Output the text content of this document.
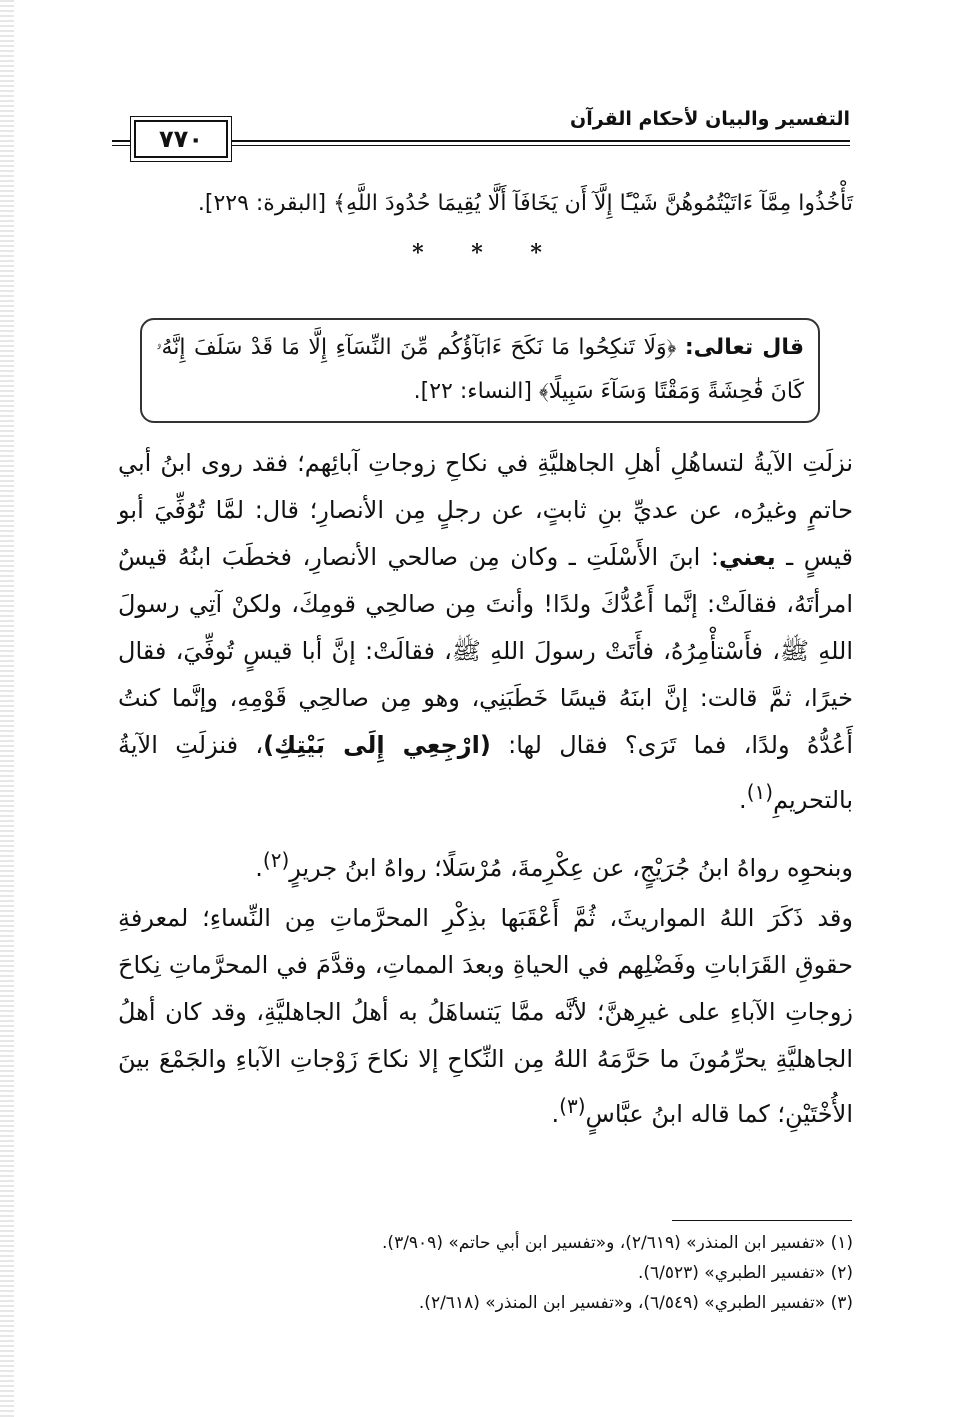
التفسير والبيان لأحكام القرآن
٧٧٠
تَأْخُذُوا مِمَّآ ءَاتَيْتُمُوهُنَّ شَيْـًٔا إِلَّآ أَن يَخَافَآ أَلَّا يُقِيمَا حُدُودَ اللَّهِ﴾ [البقرة: ٢٢٩].
* * *
قال تعالى: ﴿وَلَا تَنكِحُوا مَا نَكَحَ ءَابَآؤُكُم مِّنَ النِّسَآءِ إِلَّا مَا قَدْ سَلَفَ إِنَّهُۥ كَانَ فَٰحِشَةً وَمَقْتًا وَسَآءَ سَبِيلًا﴾ [النساء: ٢٢].
نزلَتِ الآيةُ لتساهُلِ أهلِ الجاهليَّةِ في نكاحِ زوجاتِ آبائِهم؛ فقد روى ابنُ أبي حاتمٍ وغيرُه، عن عديِّ بنِ ثابتٍ، عن رجلٍ مِن الأنصارِ؛ قال: لمَّا تُوُفِّيَ أبو قيسٍ ـ يعني: ابنَ الأَسْلَتِ ـ وكان مِن صالحي الأنصارِ، فخطَبَ ابنُهُ قيسٌ امرأتَهُ، فقالَتْ: إنَّما أَعُدُّكَ ولدًا! وأنتَ مِن صالحِي قومِكَ، ولكنْ آتِي رسولَ اللهِ ﷺ، فأَسْتأْمِرُهُ، فأَتَتْ رسولَ اللهِ ﷺ، فقالَتْ: إنَّ أبا قيسٍ تُوفِّيَ، فقال خيرًا، ثمَّ قالت: إنَّ ابنَهُ قيسًا خَطَبَنِي، وهو مِن صالحِي قَوْمِهِ، وإنَّما كنتُ أَعُدُّهُ ولدًا، فما تَرَى؟ فقال لها: (ارْجِعِي إِلَى بَيْتِكِ)، فنزلَتِ الآيةُ بالتحريمِ$^{(١)}$.
وبنحوِه رواهُ ابنُ جُرَيْجٍ، عن عِكْرِمةَ، مُرْسَلًا؛ رواهُ ابنُ جريرٍ$^{(٢)}$.
وقد ذَكَرَ اللهُ المواريثَ، ثُمَّ أَعْقَبَها بذِكْرِ المحرَّماتِ مِن النِّساءِ؛ لمعرفةِ حقوقِ القَرَاباتِ وفَضْلِهم في الحياةِ وبعدَ المماتِ، وقدَّمَ في المحرَّماتِ نِكاحَ زوجاتِ الآباءِ على غيرِهنَّ؛ لأنَّه ممَّا يَتساهَلُ به أهلُ الجاهليَّةِ، وقد كان أهلُ الجاهليَّةِ يحرِّمُونَ ما حَرَّمَهُ اللهُ مِن النِّكاحِ إلا نكاحَ زَوْجاتِ الآباءِ والجَمْعَ بينَ الأُخْتَيْنِ؛ كما قاله ابنُ عبَّاسٍ$^{(٣)}$.
(١) «تفسير ابن المنذر» (٢/٦١٩)، و«تفسير ابن أبي حاتم» (٣/٩٠٩).
(٢) «تفسير الطبري» (٦/٥٢٣).
(٣) «تفسير الطبري» (٦/٥٤٩)، و«تفسير ابن المنذر» (٢/٦١٨).
